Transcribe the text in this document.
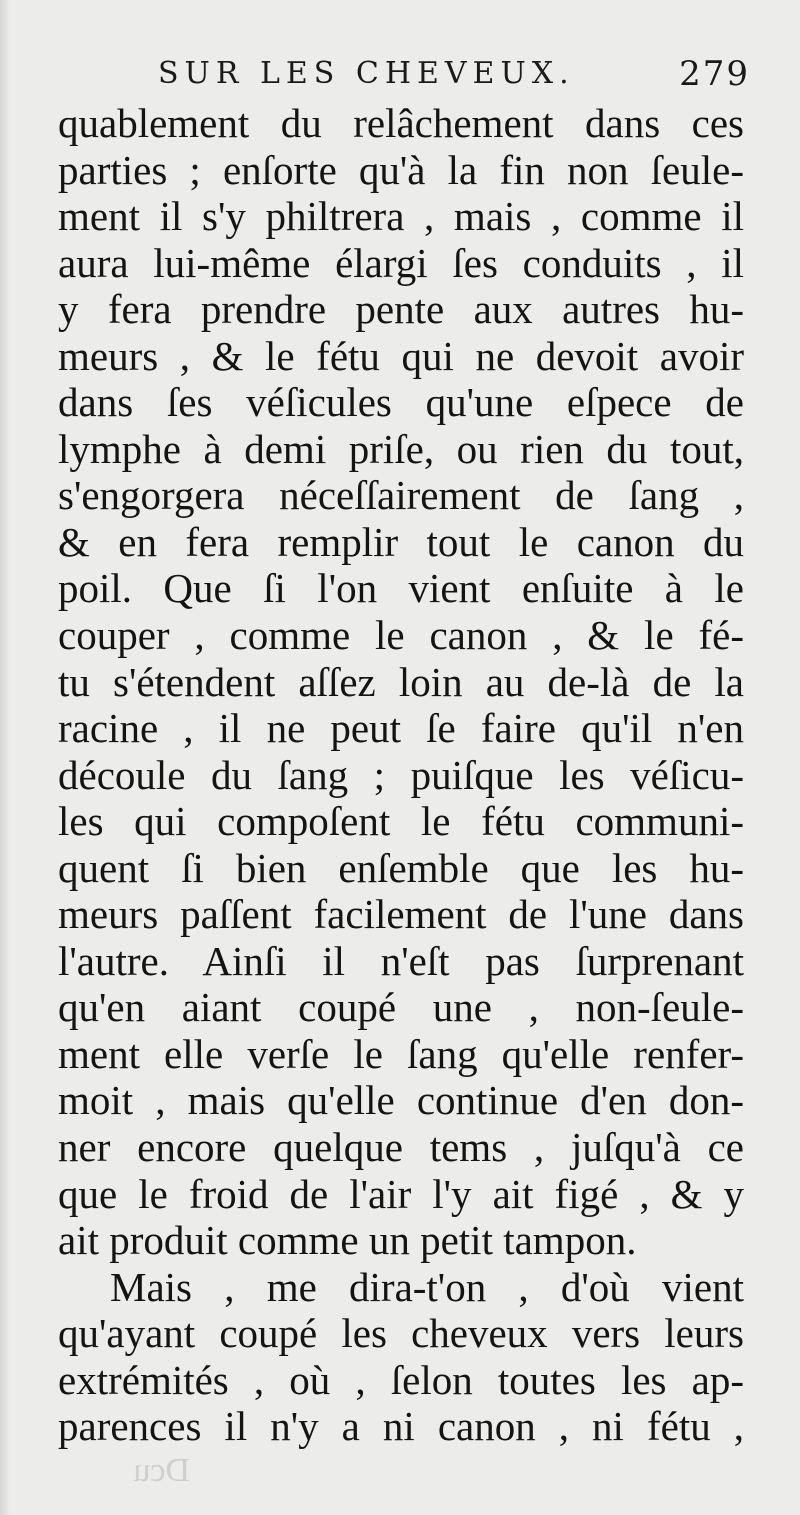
SUR LES CHEVEUX.	279
quablement du relâchement dans ces
parties ; enſorte qu'à la fin non ſeule-
ment il s'y philtrera , mais , comme il
aura lui-même élargi ſes conduits , il
y fera prendre pente aux autres hu-
meurs , & le fétu qui ne devoit avoir
dans ſes véſicules qu'une eſpece de
lymphe à demi priſe, ou rien du tout,
s'engorgera néceſſairement de ſang ,
& en fera remplir tout le canon du
poil. Que ſi l'on vient enſuite à le
couper , comme le canon , & le fé-
tu s'étendent aſſez loin au de-là de la
racine , il ne peut ſe faire qu'il n'en
découle du ſang ; puiſque les véſicu-
les qui compoſent le fétu communi-
quent ſi bien enſemble que les hu-
meurs paſſent facilement de l'une dans
l'autre. Ainſi il n'eſt pas ſurprenant
qu'en aiant coupé une , non-ſeule-
ment elle verſe le ſang qu'elle renfer-
moit , mais qu'elle continue d'en don-
ner encore quelque tems , juſqu'à ce
que le froid de l'air l'y ait figé , & y
ait produit comme un petit tampon.
Mais , me dira-t'on , d'où vient
qu'ayant coupé les cheveux vers leurs
extrémités , où , ſelon toutes les ap-
parences il n'y a ni canon , ni fétu ,
Dcu
